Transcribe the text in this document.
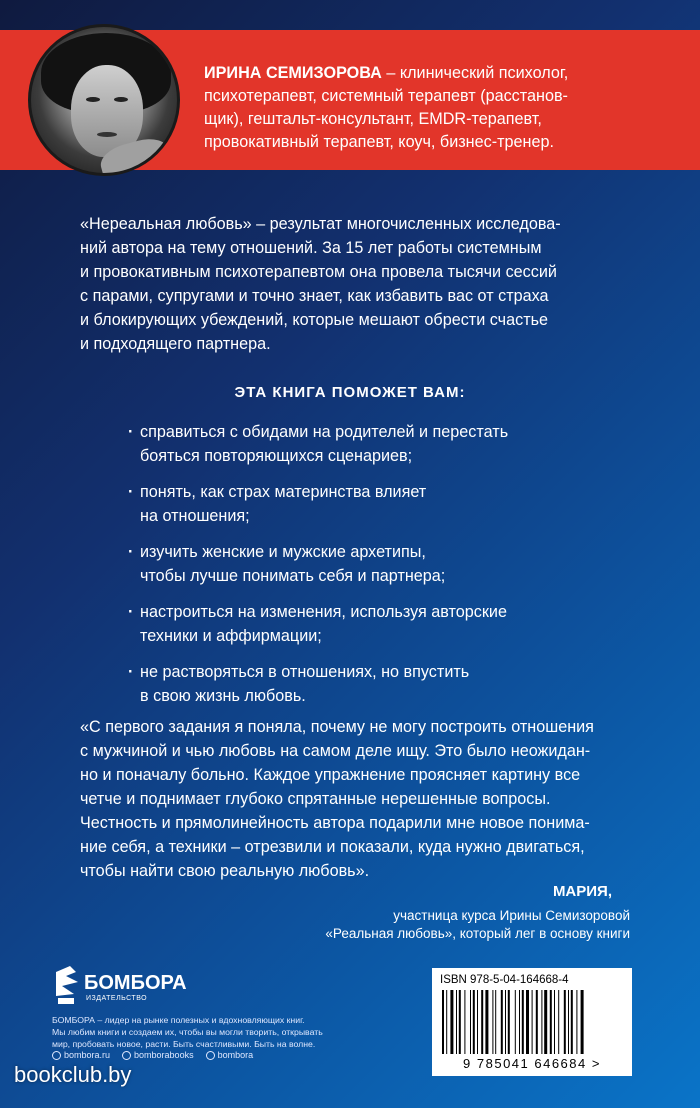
ИРИНА СЕМИЗОРОВА – клинический психолог,
психотерапевт, системный терапевт (расстанов-
щик), гештальт-консультант, EMDR-терапевт,
провокативный терапевт, коуч, бизнес-тренер.
«Нереальная любовь» – результат многочисленных исследова-
ний автора на тему отношений. За 15 лет работы системным
и провокативным психотерапевтом она провела тысячи сессий
с парами, супругами и точно знает, как избавить вас от страха
и блокирующих убеждений, которые мешают обрести счастье
и подходящего партнера.
ЭТА КНИГА ПОМОЖЕТ ВАМ:
· справиться с обидами на родителей и перестать
бояться повторяющихся сценариев;
· понять, как страх материнства влияет
на отношения;
· изучить женские и мужские архетипы,
чтобы лучше понимать себя и партнера;
· настроиться на изменения, используя авторские
техники и аффирмации;
· не растворяться в отношениях, но впустить
в свою жизнь любовь.
«С первого задания я поняла, почему не могу построить отношения
с мужчиной и чью любовь на самом деле ищу. Это было неожидан-
но и поначалу больно. Каждое упражнение проясняет картину все
четче и поднимает глубоко спрятанные нерешенные вопросы.
Честность и прямолинейность автора подарили мне новое понима-
ние себя, а техники – отрезвили и показали, куда нужно двигаться,
чтобы найти свою реальную любовь».
МАРИЯ,
участница курса Ирины Семизоровой
«Реальная любовь», который лег в основу книги
БОМБОРА
ИЗДАТЕЛЬСТВО
БОМБОРА – лидер на рынке полезных и вдохновляющих книг.
Мы любим книги и создаем их, чтобы вы могли творить, открывать
мир, пробовать новое, расти. Быть счастливыми. Быть на волне.
bombora.ru	bomborabooks	bombora
ISBN 978-5-04-164668-4
9 785041 646684 >
bookclub.by
